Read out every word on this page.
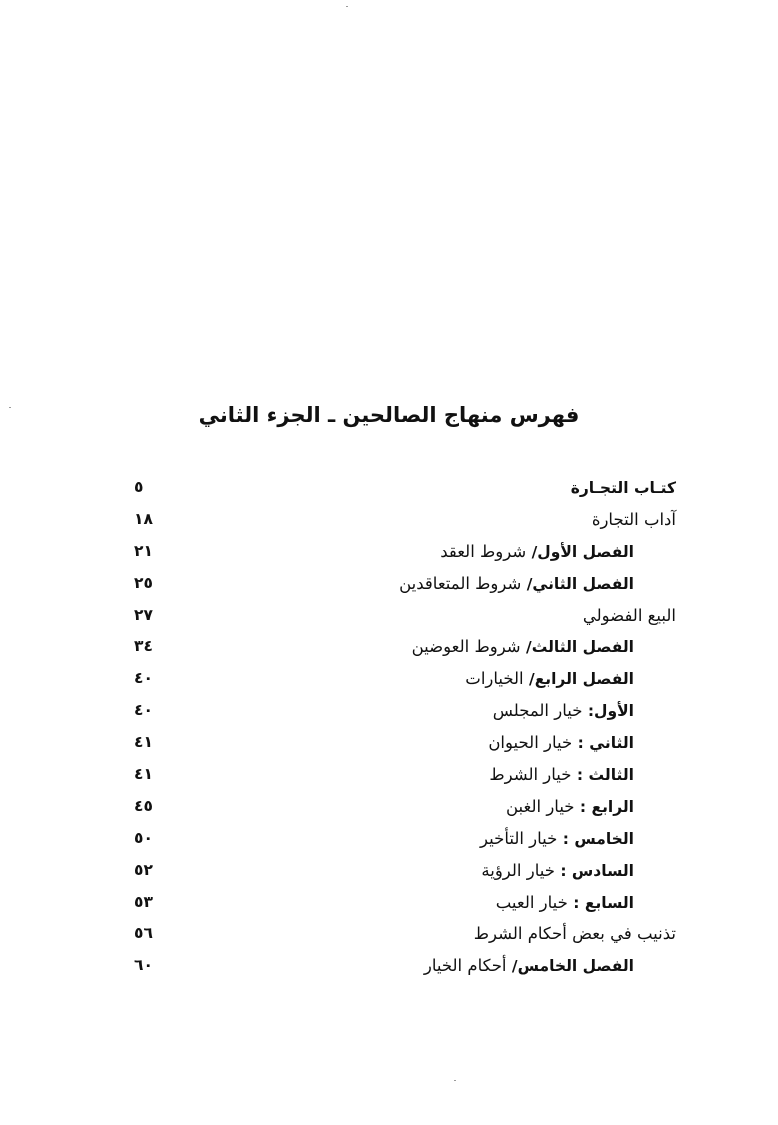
فهرس منهاج الصالحين ـ الجزء الثاني
كتـاب التجـارة
٥
آداب التجارة
١٨
الفصل الأول/ شروط العقد
٢١
الفصل الثاني/ شروط المتعاقدين
٢٥
البيع الفضولي
٢٧
الفصل الثالث/ شروط العوضين
٣٤
الفصل الرابع/ الخيارات
٤٠
الأول: خيار المجلس
٤٠
الثاني : خيار الحيوان
٤١
الثالث : خيار الشرط
٤١
الرابع : خيار الغبن
٤٥
الخامس : خيار التأخير
٥٠
السادس : خيار الرؤية
٥٢
السابع : خيار العيب
٥٣
تذنيب في بعض أحكام الشرط
٥٦
الفصل الخامس/ أحكام الخيار
٦٠
